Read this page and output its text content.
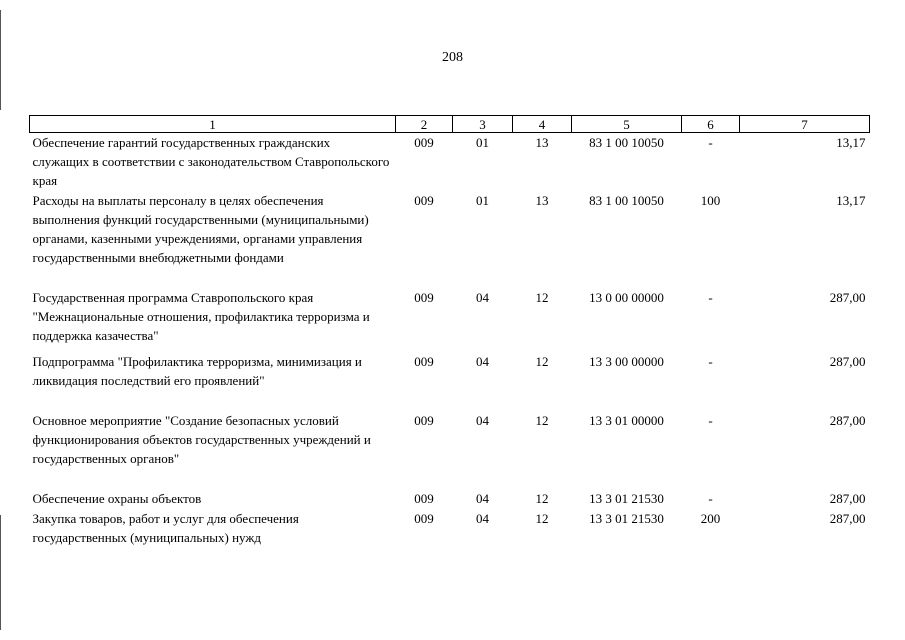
208
1	2	3	4	5	6	7
Обеспечение гарантий государственных гражданских служащих в соответствии с законодательством Ставропольского края	009	01	13	83 1 00 10050	-	13,17
Расходы на выплаты персоналу в целях обеспечения выполнения функций государственными (муниципальными) органами, казенными учреждениями, органами управления государственными внебюджетными фондами	009	01	13	83 1 00 10050	100	13,17
Государственная программа Ставропольского края "Межнациональные отношения, профилактика терроризма и поддержка казачества"	009	04	12	13 0 00 00000	-	287,00
Подпрограмма "Профилактика терроризма, минимизация и ликвидация последствий его проявлений"	009	04	12	13 3 00 00000	-	287,00
Основное мероприятие "Создание безопасных условий функционирования объектов государственных учреждений и государственных органов"	009	04	12	13 3 01 00000	-	287,00
Обеспечение охраны объектов	009	04	12	13 3 01 21530	-	287,00
Закупка товаров, работ и услуг для обеспечения государственных (муниципальных) нужд	009	04	12	13 3 01 21530	200	287,00
